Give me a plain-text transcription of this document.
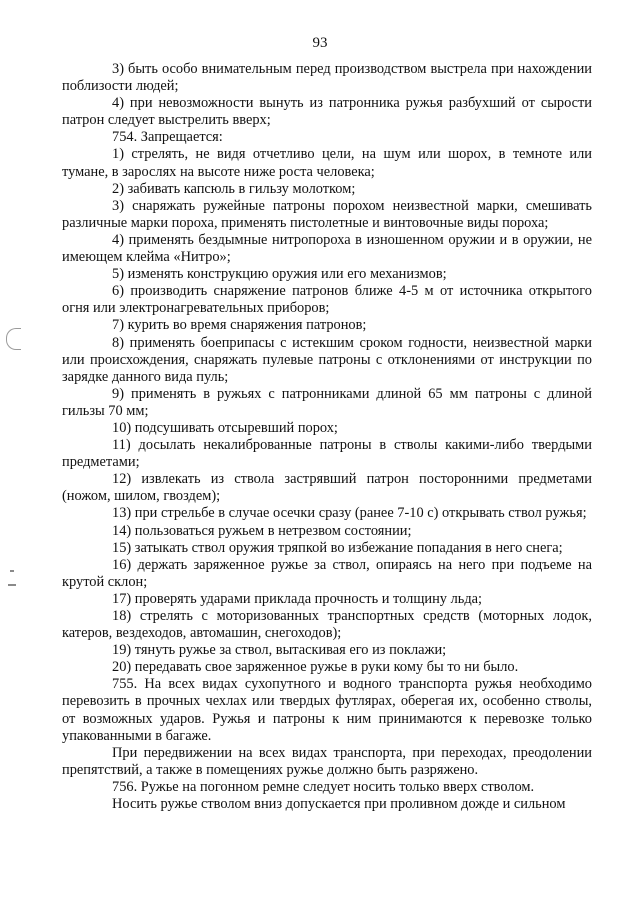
93

3) быть особо внимательным перед производством выстрела при нахождении поблизости людей;

4) при невозможности вынуть из патронника ружья разбухший от сырости патрон следует выстрелить вверх;

754. Запрещается:

1) стрелять, не видя отчетливо цели, на шум или шорох, в темноте или тумане, в зарослях на высоте ниже роста человека;

2) забивать капсюль в гильзу молотком;

3) снаряжать ружейные патроны порохом неизвестной марки, смешивать различные марки пороха, применять пистолетные и винтовочные виды пороха;

4) применять бездымные нитропороха в изношенном оружии и в оружии, не имеющем клейма «Нитро»;

5) изменять конструкцию оружия или его механизмов;

6) производить снаряжение патронов ближе 4-5 м от источника открытого огня или электронагревательных приборов;

7) курить во время снаряжения патронов;

8) применять боеприпасы с истекшим сроком годности, неизвестной марки или происхождения, снаряжать пулевые патроны с отклонениями от инструкции по зарядке данного вида пуль;

9) применять в ружьях с патронниками длиной 65 мм патроны с длиной гильзы 70 мм;

10) подсушивать отсыревший порох;

11) досылать некалиброванные патроны в стволы какими-либо твердыми предметами;

12) извлекать из ствола застрявший патрон посторонними предметами (ножом, шилом, гвоздем);

13) при стрельбе в случае осечки сразу (ранее 7-10 с) открывать ствол ружья;

14) пользоваться ружьем в нетрезвом состоянии;

15) затыкать ствол оружия тряпкой во избежание попадания в него снега;

16) держать заряженное ружье за ствол, опираясь на него при подъеме на крутой склон;

17) проверять ударами приклада прочность и толщину льда;

18) стрелять с моторизованных транспортных средств (моторных лодок, катеров, вездеходов, автомашин, снегоходов);

19) тянуть ружье за ствол, вытаскивая его из поклажи;

20) передавать свое заряженное ружье в руки кому бы то ни было.

755. На всех видах сухопутного и водного транспорта ружья необходимо перевозить в прочных чехлах или твердых футлярах, оберегая их, особенно стволы, от возможных ударов. Ружья и патроны к ним принимаются к перевозке только упакованными в багаже.

При передвижении на всех видах транспорта, при переходах, преодолении препятствий, а также в помещениях ружье должно быть разряжено.

756. Ружье на погонном ремне следует носить только вверх стволом.

Носить ружье стволом вниз допускается при проливном дожде и сильном
